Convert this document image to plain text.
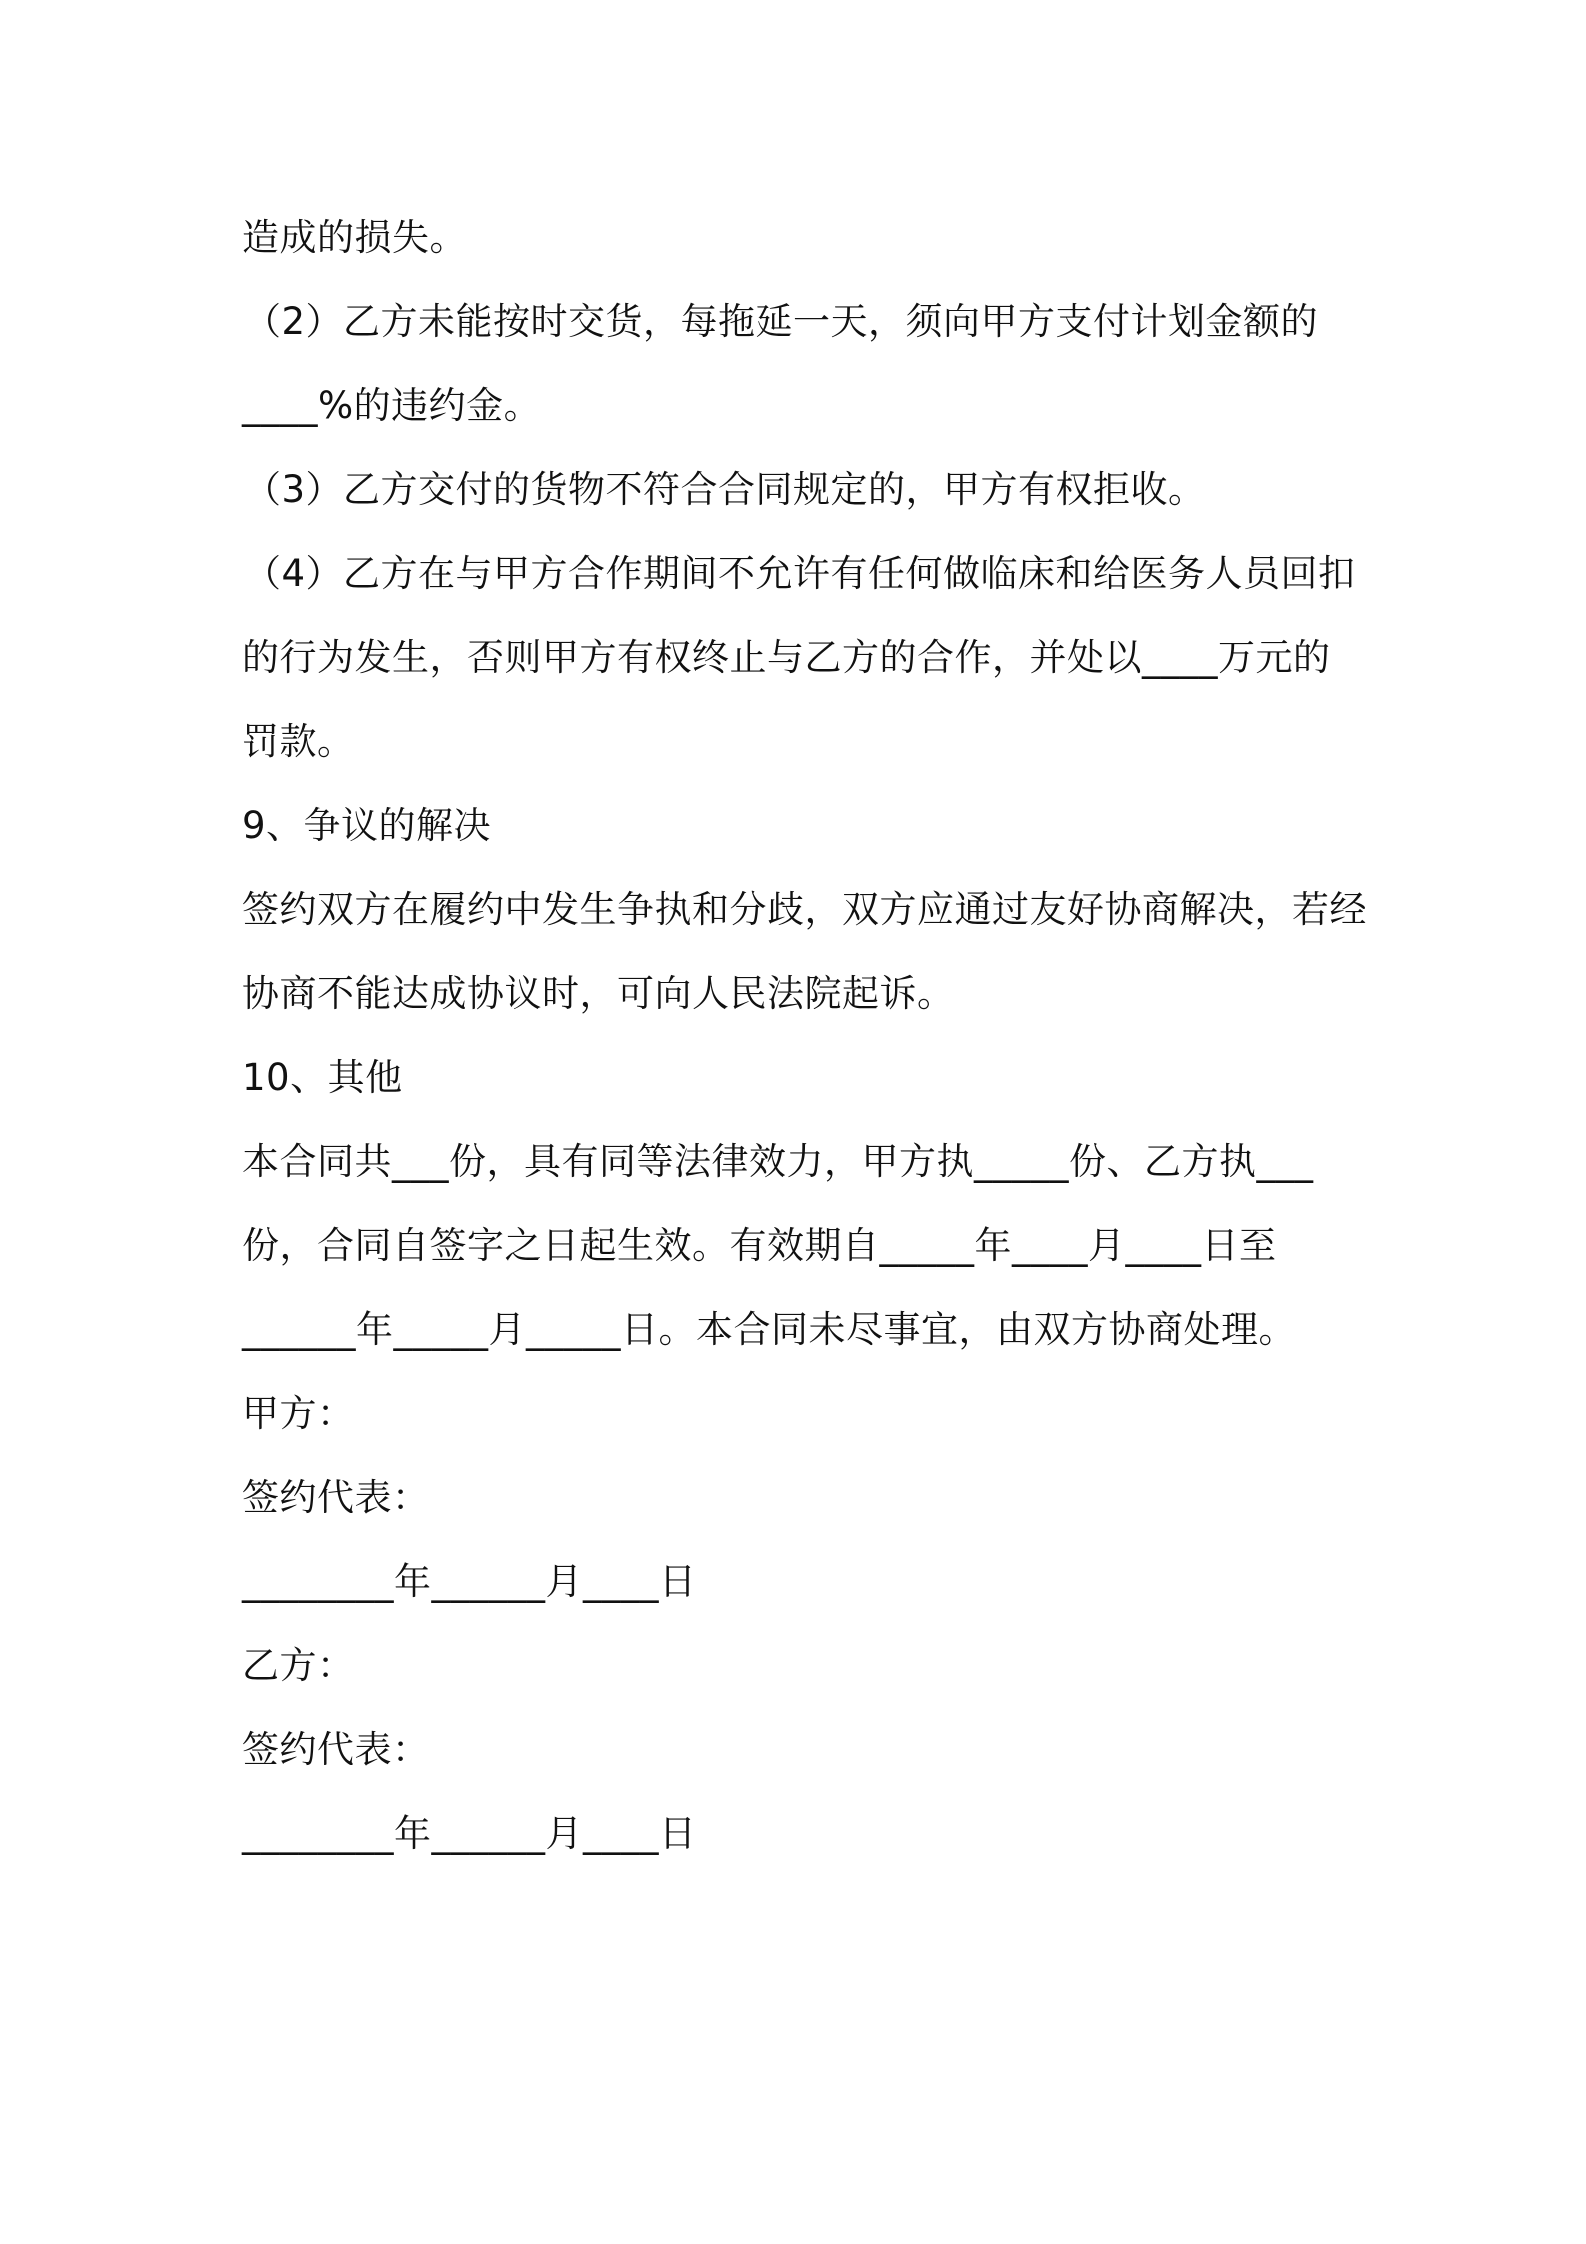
造成的损失。
（2）乙方未能按时交货，每拖延一天，须向甲方支付计划金额的
____%的违约金。
（3）乙方交付的货物不符合合同规定的，甲方有权拒收。
（4）乙方在与甲方合作期间不允许有任何做临床和给医务人员回扣
的行为发生，否则甲方有权终止与乙方的合作，并处以____万元的
罚款。
9、争议的解决
签约双方在履约中发生争执和分歧，双方应通过友好协商解决，若经
协商不能达成协议时，可向人民法院起诉。
10、其他
本合同共___份，具有同等法律效力，甲方执_____份、乙方执___
份，合同自签字之日起生效。有效期自_____年____月____日至
______年_____月_____日。本合同未尽事宜，由双方协商处理。
甲方：
签约代表：
________年______月____日
乙方：
签约代表：
________年______月____日
